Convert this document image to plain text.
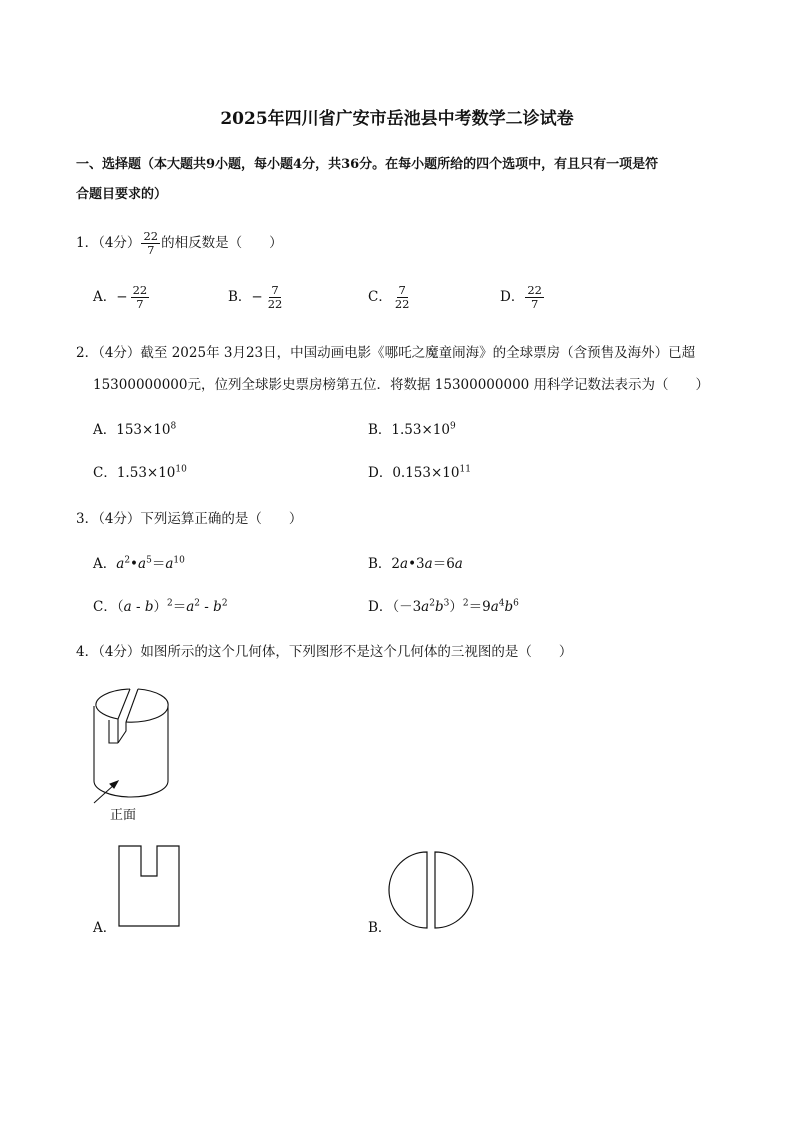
2025年四川省广安市岳池县中考数学二诊试卷
一、选择题（本大题共9小题，每小题4分，共36分。在每小题所给的四个选项中，有且只有一项是符
合题目要求的）
1．（4分） $\frac{22}{7}$ 的相反数是（　　）
A．− $\frac{22}{7}$	B．− $\frac{7}{22}$	C． $\frac{7}{22}$	D． $\frac{22}{7}$
2．（4分）截至 2025年 3月23日，中国动画电影《哪吒之魔童闹海》的全球票房（含预售及海外）已超
15300000000元，位列全球影史票房榜第五位．将数据 15300000000 用科学记数法表示为（　　）
A．$153\times 10^8$	B．$1.53\times 10^9$
C．$1.53\times 10^{10}$	D．$0.153\times 10^{11}$
3．（4分）下列运算正确的是（　　）
A．$a^2•a^5=a^{10}$	B．2a•3a＝6a
C．$(a - b)^2=a^2 - b^2$	D．$(-3a^2b^3)^2=9a^4b^6$
4．（4分）如图所示的这个几何体，下列图形不是这个几何体的三视图的是（　　）
正面
A．	B．
